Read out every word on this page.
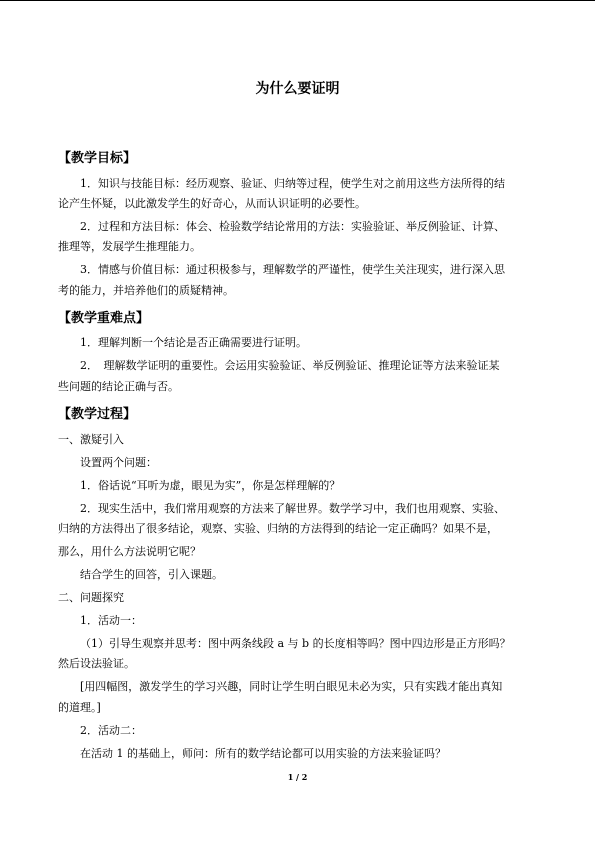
为什么要证明
【教学目标】
1．知识与技能目标：经历观察、验证、归纳等过程，使学生对之前用这些方法所得的结
论产生怀疑，以此激发学生的好奇心，从而认识证明的必要性。
2．过程和方法目标：体会、检验数学结论常用的方法：实验验证、举反例验证、计算、
推理等，发展学生推理能力。
3．情感与价值目标：通过积极参与，理解数学的严谨性，使学生关注现实，进行深入思
考的能力，并培养他们的质疑精神。
【教学重难点】
1．理解判断一个结论是否正确需要进行证明。
2．　理解数学证明的重要性。会运用实验验证、举反例验证、推理论证等方法来验证某
些问题的结论正确与否。
【教学过程】
一、激疑引入
设置两个问题：
1．俗话说“耳听为虚，眼见为实”，你是怎样理解的？
2．现实生活中，我们常用观察的方法来了解世界。数学学习中，我们也用观察、实验、
归纳的方法得出了很多结论，观察、实验、归纳的方法得到的结论一定正确吗？如果不是，
那么，用什么方法说明它呢？
结合学生的回答，引入课题。
二、问题探究
1．活动一：
（1）引导生观察并思考：图中两条线段 a 与 b 的长度相等吗？图中四边形是正方形吗？
然后设法验证。
[用四幅图，激发学生的学习兴趣，同时让学生明白眼见未必为实，只有实践才能出真知
的道理。]
2．活动二：
在活动 1 的基础上，师问：所有的数学结论都可以用实验的方法来验证吗？
1 / 2
